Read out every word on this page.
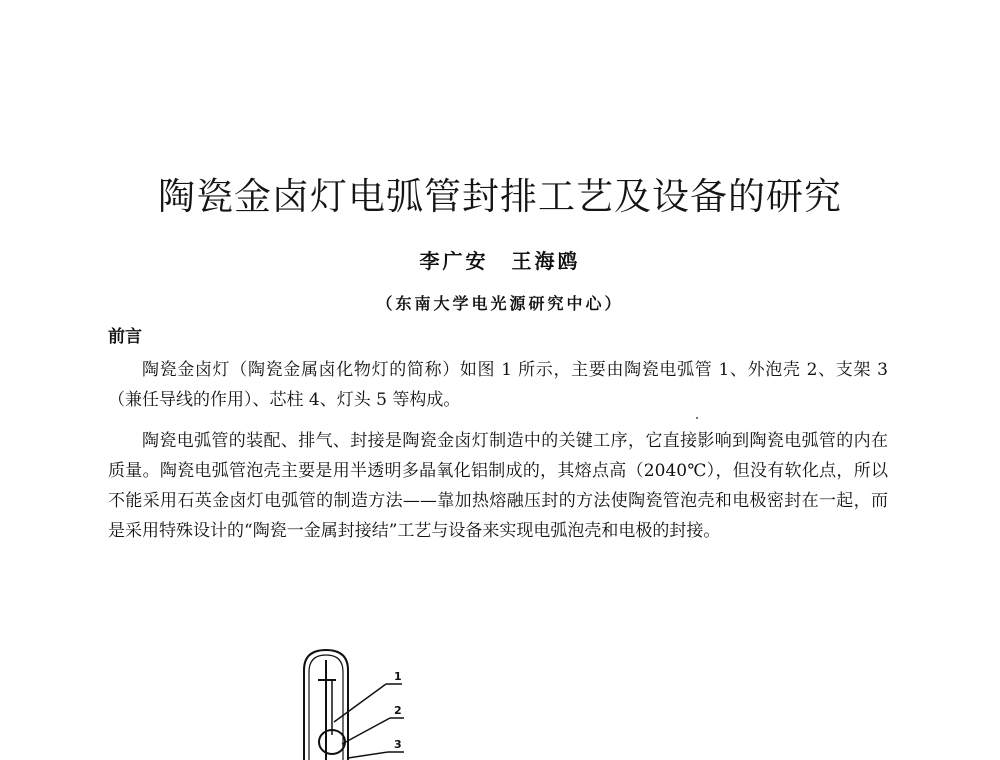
陶瓷金卤灯电弧管封排工艺及设备的研究
李广安　王海鸥
（东南大学电光源研究中心）
前言

陶瓷金卤灯（陶瓷金属卤化物灯的简称）如图 1 所示，主要由陶瓷电弧管 1、外泡壳 2、支架 3（兼任导线的作用）、芯柱 4、灯头 5 等构成。

陶瓷电弧管的装配、排气、封接是陶瓷金卤灯制造中的关键工序，它直接影响到陶瓷电弧管的内在质量。陶瓷电弧管泡壳主要是用半透明多晶氧化铝制成的，其熔点高（2040℃），但没有软化点，所以不能采用石英金卤灯电弧管的制造方法——靠加热熔融压封的方法使陶瓷管泡壳和电极密封在一起，而是采用特殊设计的“陶瓷一金属封接结”工艺与设备来实现电弧泡壳和电极的封接。

1
2
3
